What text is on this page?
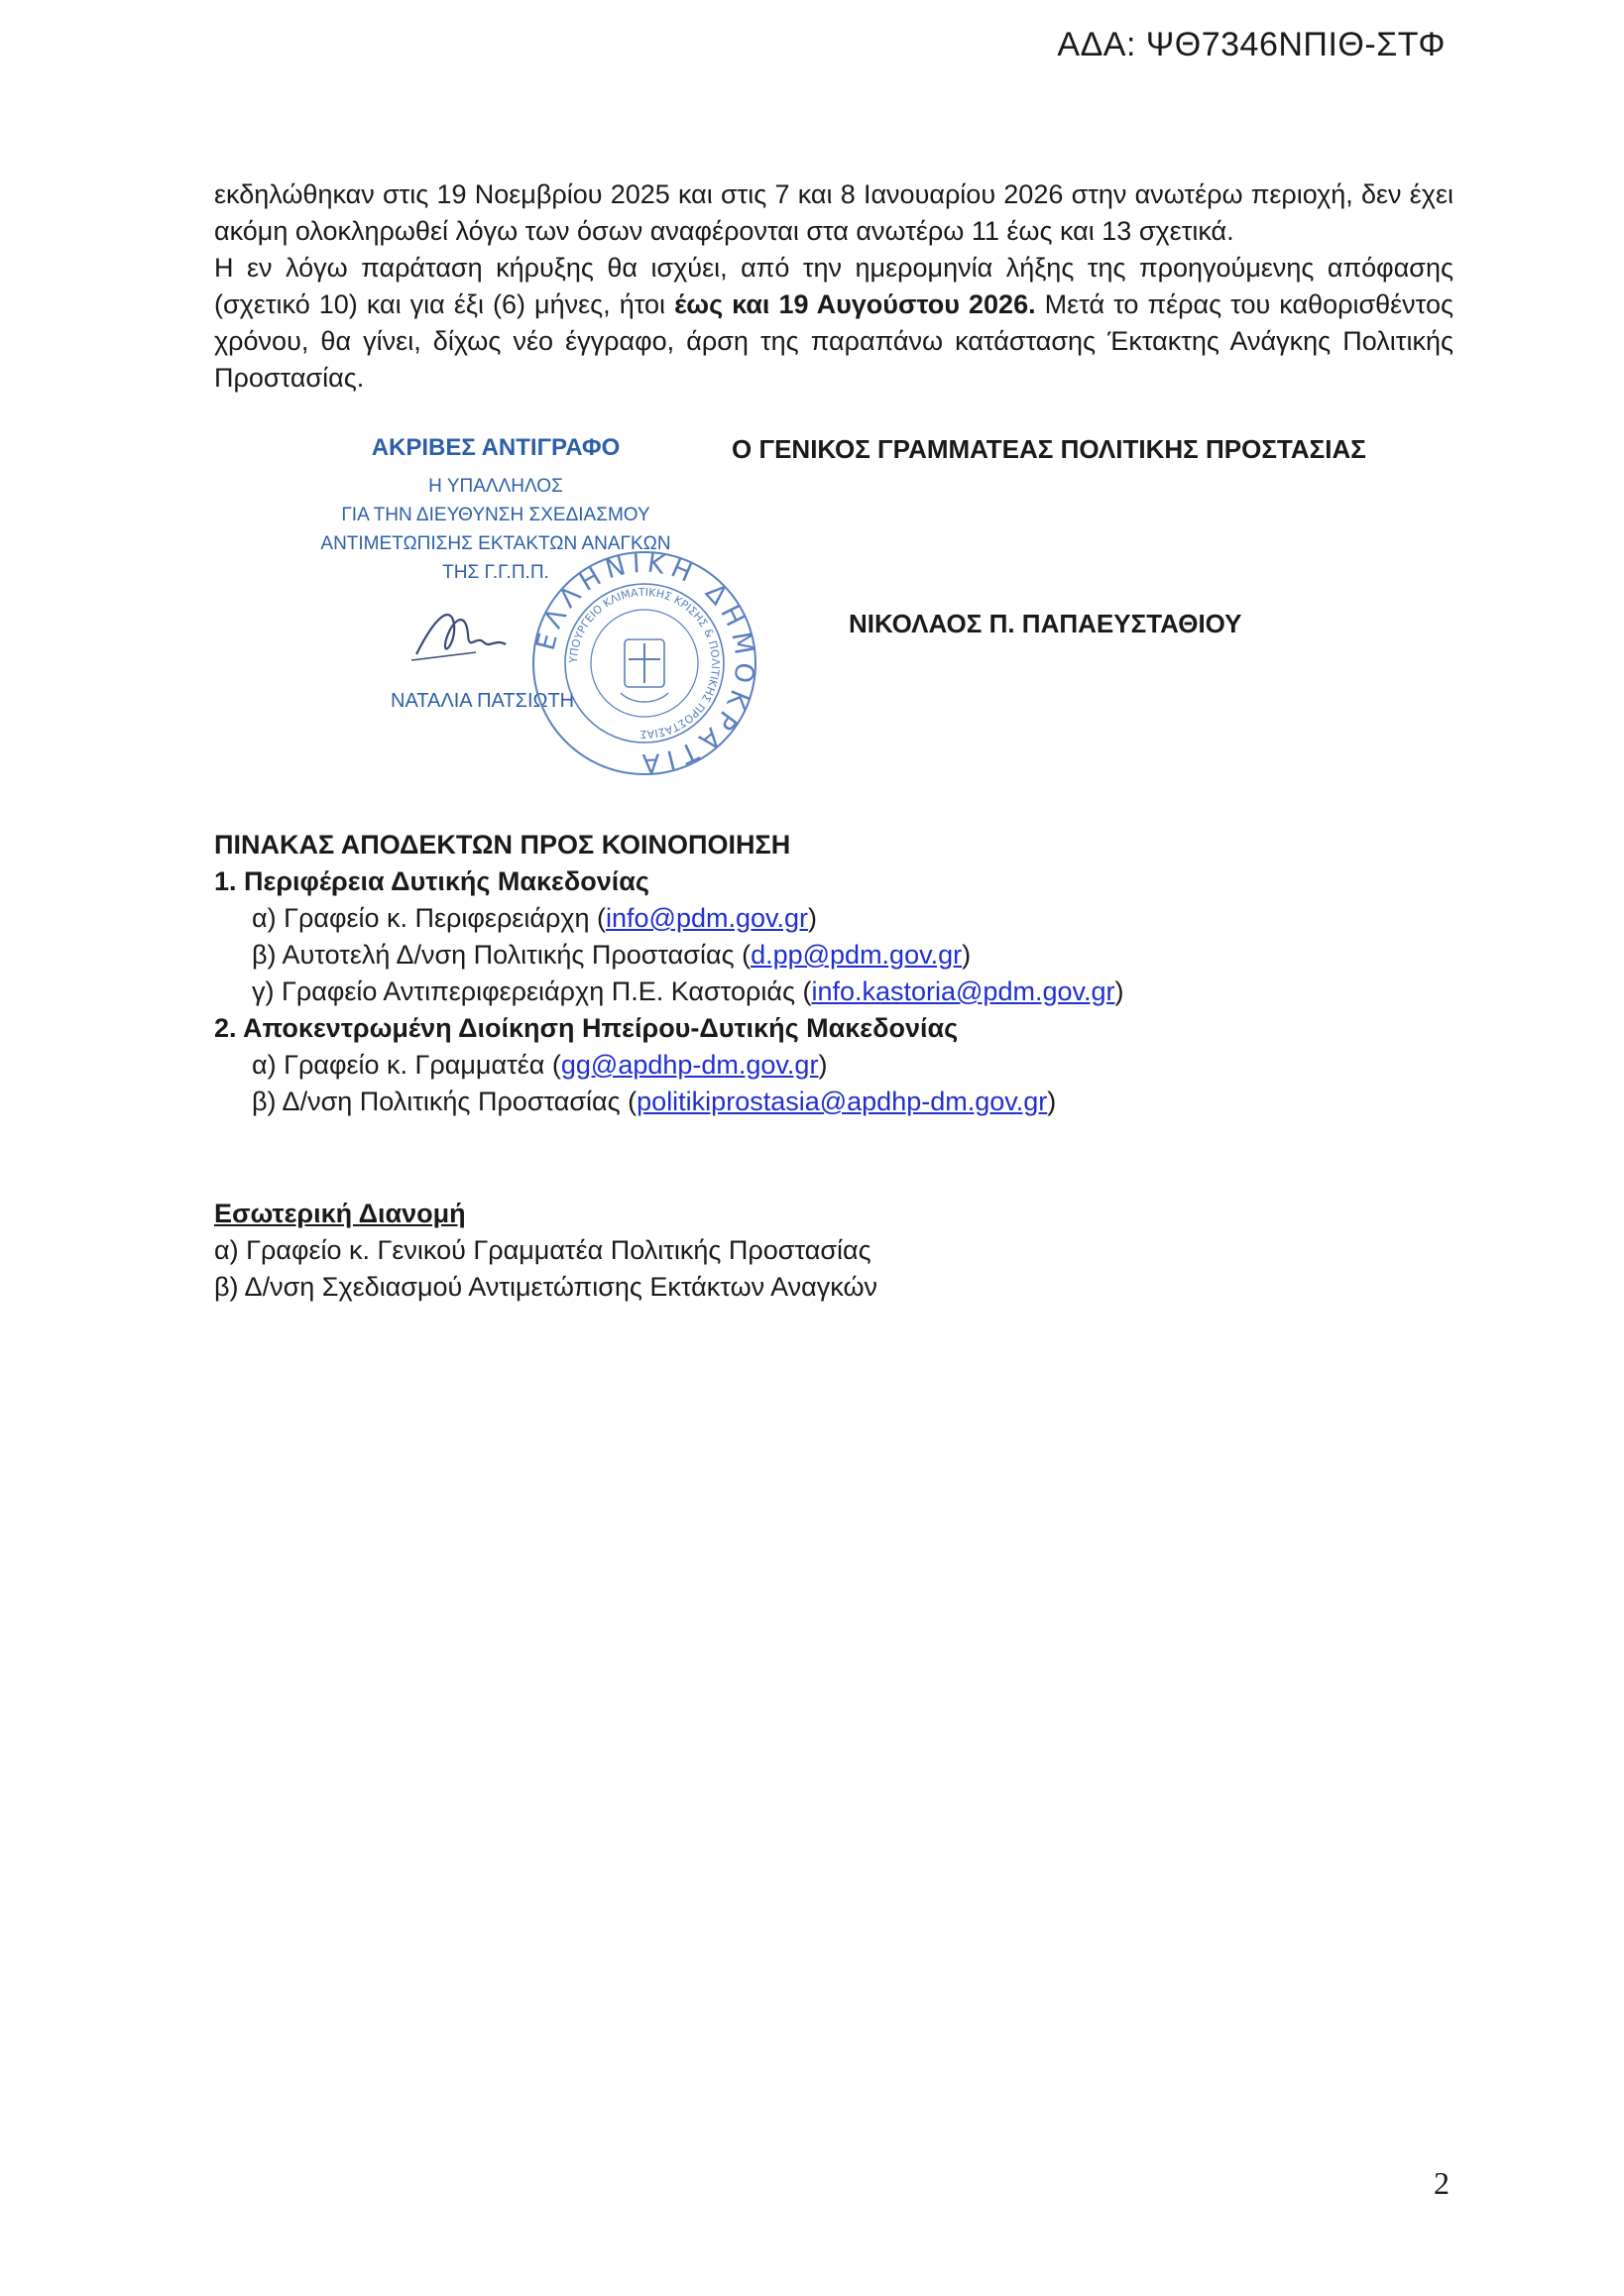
ΑΔΑ: ΨΘ7346ΝΠΙΘ-ΣΤΦ

εκδηλώθηκαν στις 19 Νοεμβρίου 2025 και στις 7 και 8 Ιανουαρίου 2026 στην ανωτέρω περιοχή, δεν έχει ακόμη ολοκληρωθεί λόγω των όσων αναφέρονται στα ανωτέρω 11 έως και 13 σχετικά.

Η εν λόγω παράταση κήρυξης θα ισχύει, από την ημερομηνία λήξης της προηγούμενης απόφασης (σχετικό 10) και για έξι (6) μήνες, ήτοι έως και 19 Αυγούστου 2026. Μετά το πέρας του καθορισθέντος χρόνου, θα γίνει, δίχως νέο έγγραφο, άρση της παραπάνω κατάστασης Έκτακτης Ανάγκης Πολιτικής Προστασίας.

ΑΚΡΙΒΕΣ ΑΝΤΙΓΡΑΦΟ
Η ΥΠΑΛΛΗΛΟΣ
ΓΙΑ ΤΗΝ ΔΙΕΥΘΥΝΣΗ ΣΧΕΔΙΑΣΜΟΥ
ΑΝΤΙΜΕΤΩΠΙΣΗΣ ΕΚΤΑΚΤΩΝ ΑΝΑΓΚΩΝ
ΤΗΣ Γ.Γ.Π.Π.
ΝΑΤΑΛΙΑ ΠΑΤΣΙΩΤΗ
ΕΛΛΗΝΙΚΗ ΔΗΜΟΚΡΑΤΙΑ
ΥΠΟΥΡΓΕΙΟ ΚΛΙΜΑΤΙΚΗΣ ΚΡΙΣΗΣ & ΠΟΛΙΤΙΚΗΣ ΠΡΟΣΤΑΣΙΑΣ
Ο ΓΕΝΙΚΟΣ ΓΡΑΜΜΑΤΕΑΣ ΠΟΛΙΤΙΚΗΣ ΠΡΟΣΤΑΣΙΑΣ
ΝΙΚΟΛΑΟΣ Π. ΠΑΠΑΕΥΣΤΑΘΙΟΥ
ΠΙΝΑΚΑΣ ΑΠΟΔΕΚΤΩΝ ΠΡΟΣ ΚΟΙΝΟΠΟΙΗΣΗ
1. Περιφέρεια Δυτικής Μακεδονίας
α) Γραφείο κ. Περιφερειάρχη (info@pdm.gov.gr)
β) Αυτοτελή Δ/νση Πολιτικής Προστασίας (d.pp@pdm.gov.gr)
γ) Γραφείο Αντιπεριφερειάρχη Π.Ε. Καστοριάς (info.kastoria@pdm.gov.gr)
2. Αποκεντρωμένη Διοίκηση Ηπείρου-Δυτικής Μακεδονίας
α) Γραφείο κ. Γραμματέα (gg@apdhp-dm.gov.gr)
β) Δ/νση Πολιτικής Προστασίας (politikiprostasia@apdhp-dm.gov.gr)
Εσωτερική Διανομή
α) Γραφείο κ. Γενικού Γραμματέα Πολιτικής Προστασίας
β) Δ/νση Σχεδιασμού Αντιμετώπισης Εκτάκτων Αναγκών
2
